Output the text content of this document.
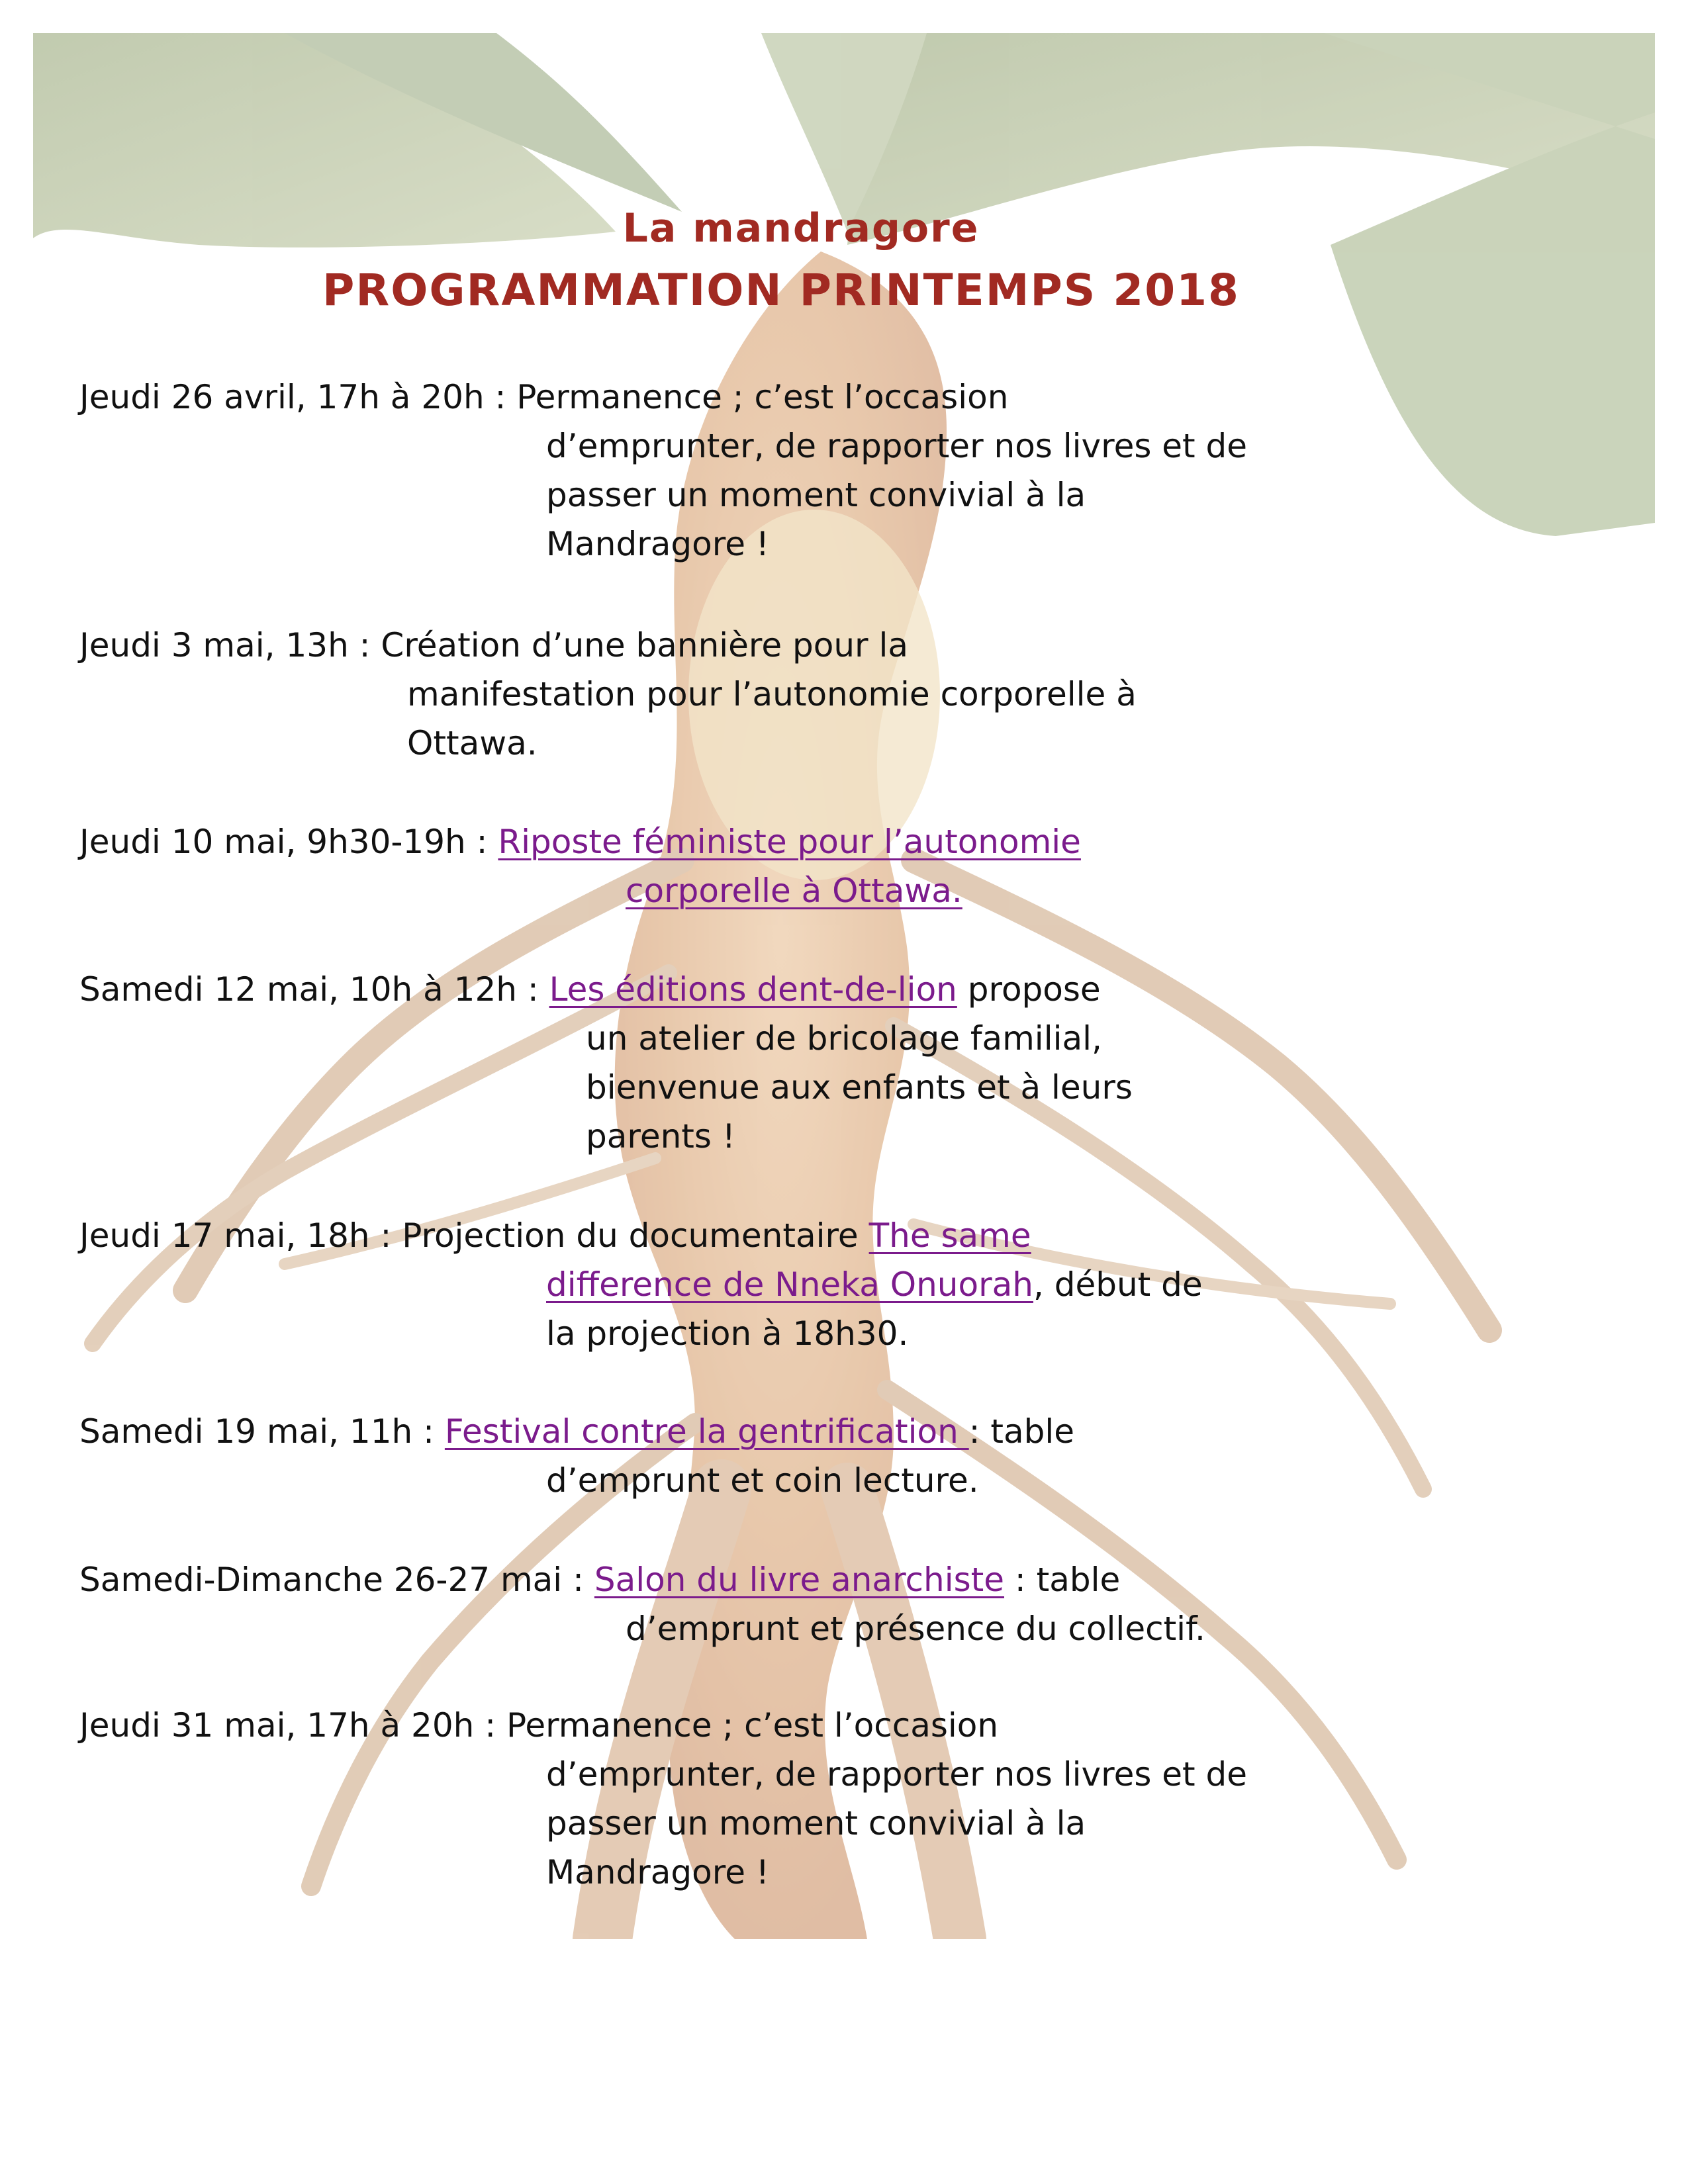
La mandragore
PROGRAMMATION PRINTEMPS 2018
Jeudi 26 avril, 17h à 20h : Permanence ; c’est l’occasion
d’emprunter, de rapporter nos livres et de
passer un moment convivial à la
Mandragore !
Jeudi 3 mai, 13h : Création d’une bannière pour la
manifestation pour l’autonomie corporelle à
Ottawa.
Jeudi 10 mai, 9h30-19h : Riposte féministe pour l’autonomie
corporelle à Ottawa.
Samedi 12 mai, 10h à 12h : Les éditions dent-de-lion propose
un atelier de bricolage familial,
bienvenue aux enfants et à leurs
parents !
Jeudi 17 mai, 18h : Projection du documentaire The same
difference de Nneka Onuorah, début de
la projection à 18h30.
Samedi 19 mai, 11h : Festival contre la gentrification : table
d’emprunt et coin lecture.
Samedi-Dimanche 26-27 mai : Salon du livre anarchiste : table
d’emprunt et présence du collectif.
Jeudi 31 mai, 17h à 20h : Permanence ; c’est l’occasion
d’emprunter, de rapporter nos livres et de
passer un moment convivial à la
Mandragore !
